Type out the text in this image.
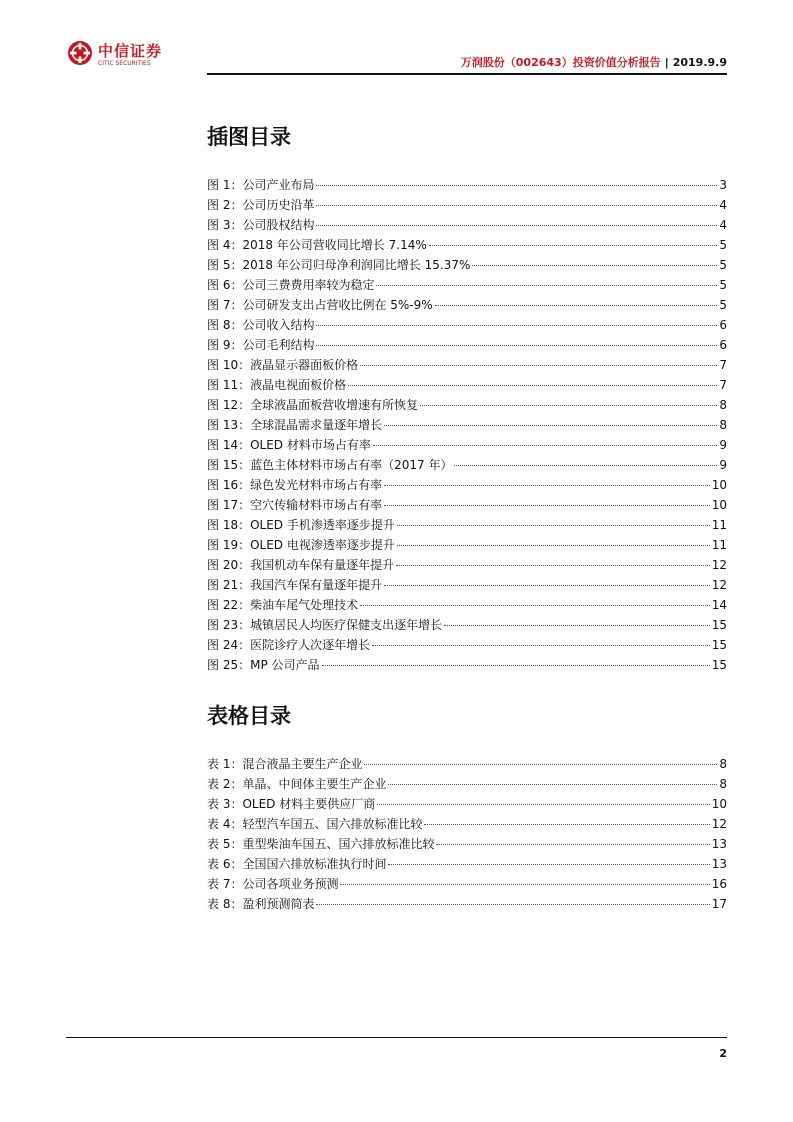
中信证券
CITIC SECURITIES	万润股份（002643）投资价值分析报告 | 2019.9.9
插图目录
图 1：公司产业布局	3
图 2：公司历史沿革	4
图 3：公司股权结构	4
图 4：2018 年公司营收同比增长 7.14%	5
图 5：2018 年公司归母净利润同比增长 15.37%	5
图 6：公司三费费用率较为稳定	5
图 7：公司研发支出占营收比例在 5%-9%	5
图 8：公司收入结构	6
图 9：公司毛利结构	6
图 10：液晶显示器面板价格	7
图 11：液晶电视面板价格	7
图 12：全球液晶面板营收增速有所恢复	8
图 13：全球混晶需求量逐年增长	8
图 14：OLED 材料市场占有率	9
图 15：蓝色主体材料市场占有率（2017 年）	9
图 16：绿色发光材料市场占有率	10
图 17：空穴传输材料市场占有率	10
图 18：OLED 手机渗透率逐步提升	11
图 19：OLED 电视渗透率逐步提升	11
图 20：我国机动车保有量逐年提升	12
图 21：我国汽车保有量逐年提升	12
图 22：柴油车尾气处理技术	14
图 23：城镇居民人均医疗保健支出逐年增长	15
图 24：医院诊疗人次逐年增长	15
图 25：MP 公司产品	15
表格目录
表 1：混合液晶主要生产企业	8
表 2：单晶、中间体主要生产企业	8
表 3：OLED 材料主要供应厂商	10
表 4：轻型汽车国五、国六排放标准比较	12
表 5：重型柴油车国五、国六排放标准比较	13
表 6：全国国六排放标准执行时间	13
表 7：公司各项业务预测	16
表 8：盈利预测简表	17
2
